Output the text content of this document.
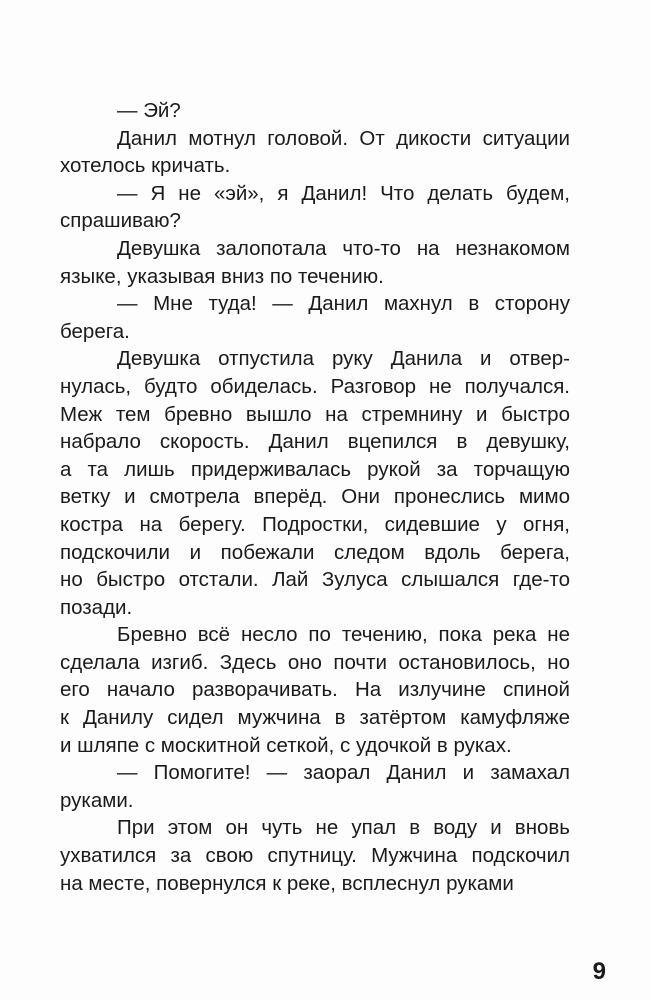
— Эй?

Данил мотнул головой. От дикости ситуации
хотелось кричать.

— Я не «эй», я Данил! Что делать будем,
спрашиваю?

Девушка залопотала что-то на незнакомом
языке, указывая вниз по течению.

— Мне туда! — Данил махнул в сторону
берега.

Девушка отпустила руку Данила и отвер-
нулась, будто обиделась. Разговор не получался.
Меж тем бревно вышло на стремнину и быстро
набрало скорость. Данил вцепился в девушку,
а та лишь придерживалась рукой за торчащую
ветку и смотрела вперёд. Они пронеслись мимо
костра на берегу. Подростки, сидевшие у огня,
подскочили и побежали следом вдоль берега,
но быстро отстали. Лай Зулуса слышался где-то
позади.

Бревно всё несло по течению, пока река не
сделала изгиб. Здесь оно почти остановилось, но
его начало разворачивать. На излучине спиной
к Данилу сидел мужчина в затёртом камуфляже
и шляпе с москитной сеткой, с удочкой в руках.

— Помогите! — заорал Данил и замахал
руками.

При этом он чуть не упал в воду и вновь
ухватился за свою спутницу. Мужчина подскочил
на месте, повернулся к реке, всплеснул руками

9
